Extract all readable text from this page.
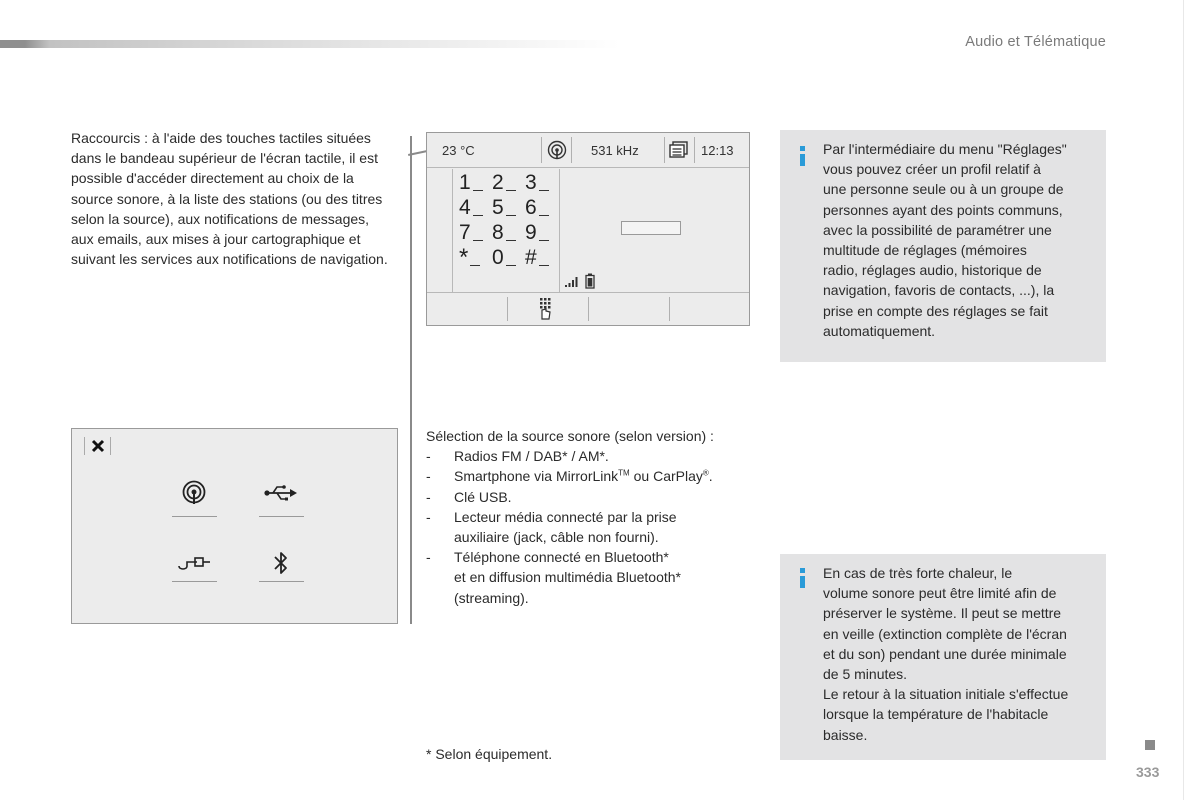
Audio et Télématique
Raccourcis : à l'aide des touches tactiles situées dans le bandeau supérieur de l'écran tactile, il est possible d'accéder directement au choix de la source sonore, à la liste des stations (ou des titres selon la source), aux notifications de messages, aux emails, aux mises à jour cartographique et suivant les services aux notifications de navigation.
23 °C	531 kHz	12:13
1 2 3
4 5 6
7 8 9
* 0 #
Sélection de la source sonore (selon version) :
- Radios FM / DAB* / AM*.
- Smartphone via MirrorLink™ ou CarPlay®.
- Clé USB.
- Lecteur média connecté par la prise
auxiliaire (jack, câble non fourni).
- Téléphone connecté en Bluetooth*
et en diffusion multimédia Bluetooth*
(streaming).
Par l'intermédiaire du menu "Réglages"
vous pouvez créer un profil relatif à
une personne seule ou à un groupe de
personnes ayant des points communs,
avec la possibilité de paramétrer une
multitude de réglages (mémoires
radio, réglages audio, historique de
navigation, favoris de contacts, ...), la
prise en compte des réglages se fait
automatiquement.
En cas de très forte chaleur, le
volume sonore peut être limité afin de
préserver le système. Il peut se mettre
en veille (extinction complète de l'écran
et du son) pendant une durée minimale
de 5 minutes.
Le retour à la situation initiale s'effectue
lorsque la température de l'habitacle
baisse.
* Selon équipement.
333
